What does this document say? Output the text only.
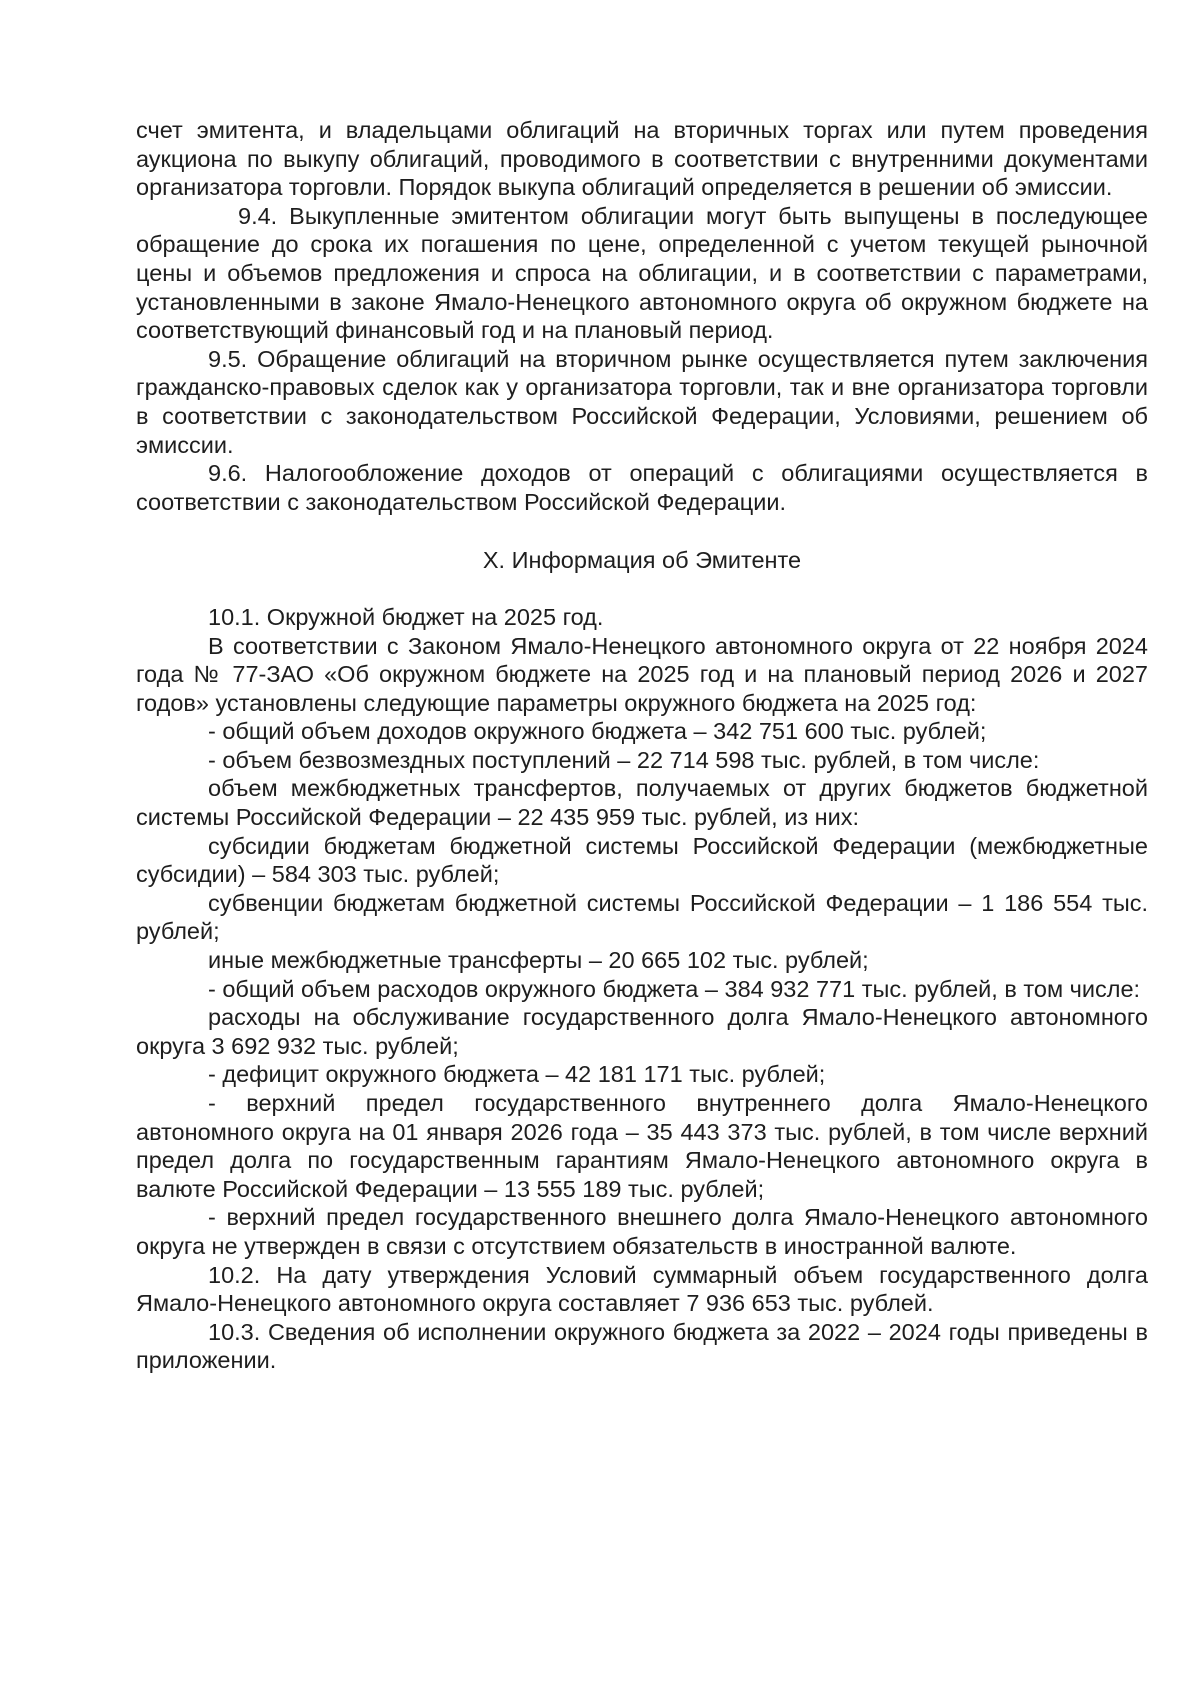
счет эмитента, и владельцами облигаций на вторичных торгах или путем проведения аукциона по выкупу облигаций, проводимого в соответствии с внутренними документами организатора торговли. Порядок выкупа облигаций определяется в решении об эмиссии.

9.4. Выкупленные эмитентом облигации могут быть выпущены в последующее обращение до срока их погашения по цене, определенной с учетом текущей рыночной цены и объемов предложения и спроса на облигации, и в соответствии с параметрами, установленными в законе Ямало-Ненецкого автономного округа об окружном бюджете на соответствующий финансовый год и на плановый период.

9.5. Обращение облигаций на вторичном рынке осуществляется путем заключения гражданско-правовых сделок как у организатора торговли, так и вне организатора торговли в соответствии с законодательством Российской Федерации, Условиями, решением об эмиссии.

9.6. Налогообложение доходов от операций с облигациями осуществляется в соответствии с законодательством Российской Федерации.

X. Информация об Эмитенте

10.1. Окружной бюджет на 2025 год.

В соответствии с Законом Ямало-Ненецкого автономного округа от 22 ноября 2024 года № 77-ЗАО «Об окружном бюджете на 2025 год и на плановый период 2026 и 2027 годов» установлены следующие параметры окружного бюджета на 2025 год:

- общий объем доходов окружного бюджета – 342 751 600 тыс. рублей;

- объем безвозмездных поступлений – 22 714 598 тыс. рублей, в том числе:

объем межбюджетных трансфертов, получаемых от других бюджетов бюджетной системы Российской Федерации – 22 435 959 тыс. рублей, из них:

субсидии бюджетам бюджетной системы Российской Федерации (межбюджетные субсидии) – 584 303 тыс. рублей;

субвенции бюджетам бюджетной системы Российской Федерации – 1 186 554 тыс. рублей;

иные межбюджетные трансферты – 20 665 102 тыс. рублей;

- общий объем расходов окружного бюджета – 384 932 771 тыс. рублей, в том числе:

расходы на обслуживание государственного долга Ямало-Ненецкого автономного округа 3 692 932 тыс. рублей;

- дефицит окружного бюджета – 42 181 171 тыс. рублей;

- верхний предел государственного внутреннего долга Ямало-Ненецкого автономного округа на 01 января 2026 года – 35 443 373 тыс. рублей, в том числе верхний предел долга по государственным гарантиям Ямало-Ненецкого автономного округа в валюте Российской Федерации – 13 555 189 тыс. рублей;

- верхний предел государственного внешнего долга Ямало-Ненецкого автономного округа не утвержден в связи с отсутствием обязательств в иностранной валюте.

10.2. На дату утверждения Условий суммарный объем государственного долга Ямало-Ненецкого автономного округа составляет 7 936 653 тыс. рублей.

10.3. Сведения об исполнении окружного бюджета за 2022 – 2024 годы приведены в приложении.
